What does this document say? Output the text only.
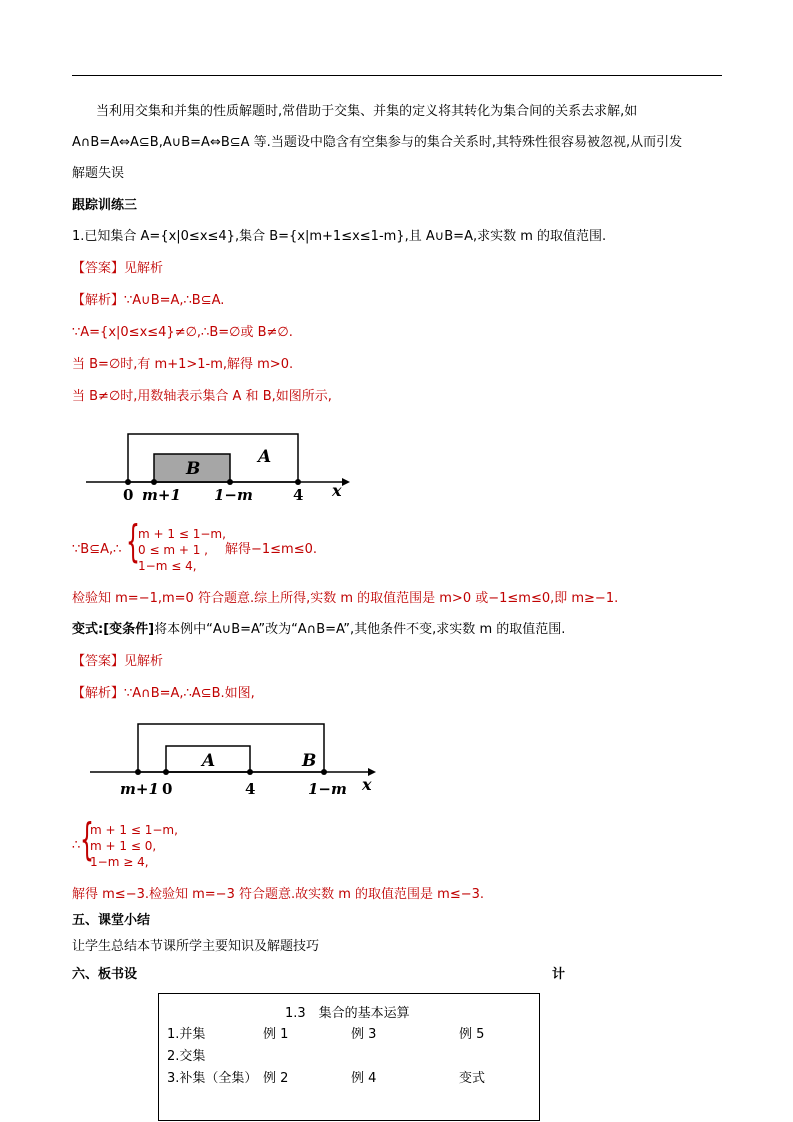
当利用交集和并集的性质解题时,常借助于交集、并集的定义将其转化为集合间的关系去求解,如
A∩B=A⇔A⊆B,A∪B=A⇔B⊆A 等.当题设中隐含有空集参与的集合关系时,其特殊性很容易被忽视,从而引发
解题失误
跟踪训练三
1.已知集合 A={x|0≤x≤4},集合 B={x|m+1≤x≤1-m},且 A∪B=A,求实数 m 的取值范围.
【答案】见解析
【解析】∵A∪B=A,∴B⊆A.
∵A={x|0≤x≤4}≠∅,∴B=∅或 B≠∅.
当 B=∅时,有 m+1>1-m,解得 m>0.
当 B≠∅时,用数轴表示集合 A 和 B,如图所示,
B
A
0 m+1 1−m	4 x
∵B⊆A,∴ {
m + 1 ≤ 1−m,
0 ≤ m + 1 ,
1−m ≤ 4,
解得−1≤m≤0.
检验知 m=−1,m=0 符合题意.综上所得,实数 m 的取值范围是 m>0 或−1≤m≤0,即 m≥−1.
变式:[变条件]将本例中“A∪B=A”改为“A∩B=A”,其他条件不变,求实数 m 的取值范围.
【答案】见解析
【解析】∵A∩B=A,∴A⊆B.如图,
A	B
m+1 0	4	1−m x
∴ {
m + 1 ≤ 1−m,
m + 1 ≤ 0,
1−m ≥ 4,
解得 m≤−3.检验知 m=−3 符合题意.故实数 m 的取值范围是 m≤−3.
五、课堂小结
让学生总结本节课所学主要知识及解题技巧
六、板书设	计
1.3　集合的基本运算
1.并集	例 1	例 3	例 5
2.交集
3.补集（全集） 例 2	例 4	变式
